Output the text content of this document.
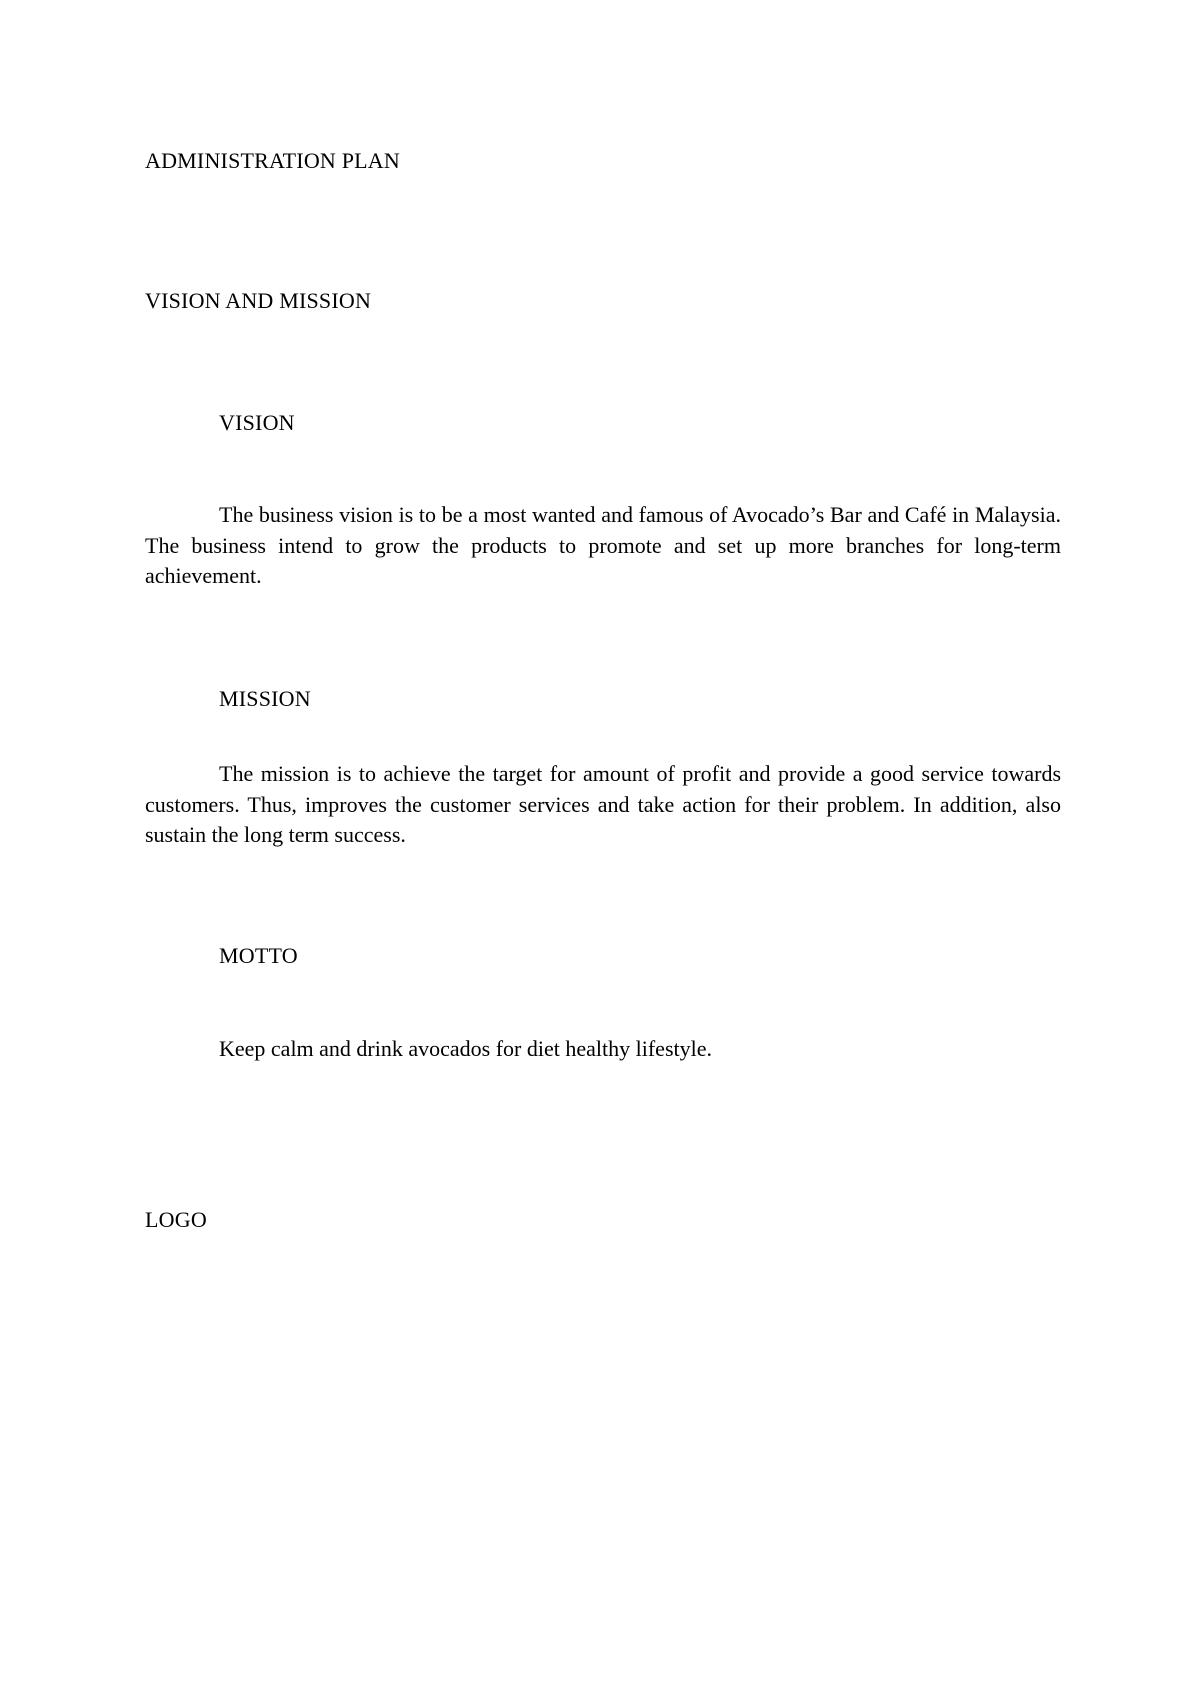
ADMINISTRATION PLAN
VISION AND MISSION
VISION

The business vision is to be a most wanted and famous of Avocado’s Bar and Café in Malaysia. The business intend to grow the products to promote and set up more branches for long-term achievement.

MISSION

The mission is to achieve the target for amount of profit and provide a good service towards customers. Thus, improves the customer services and take action for their problem. In addition, also sustain the long term success.

MOTTO

Keep calm and drink avocados for diet healthy lifestyle.

LOGO
